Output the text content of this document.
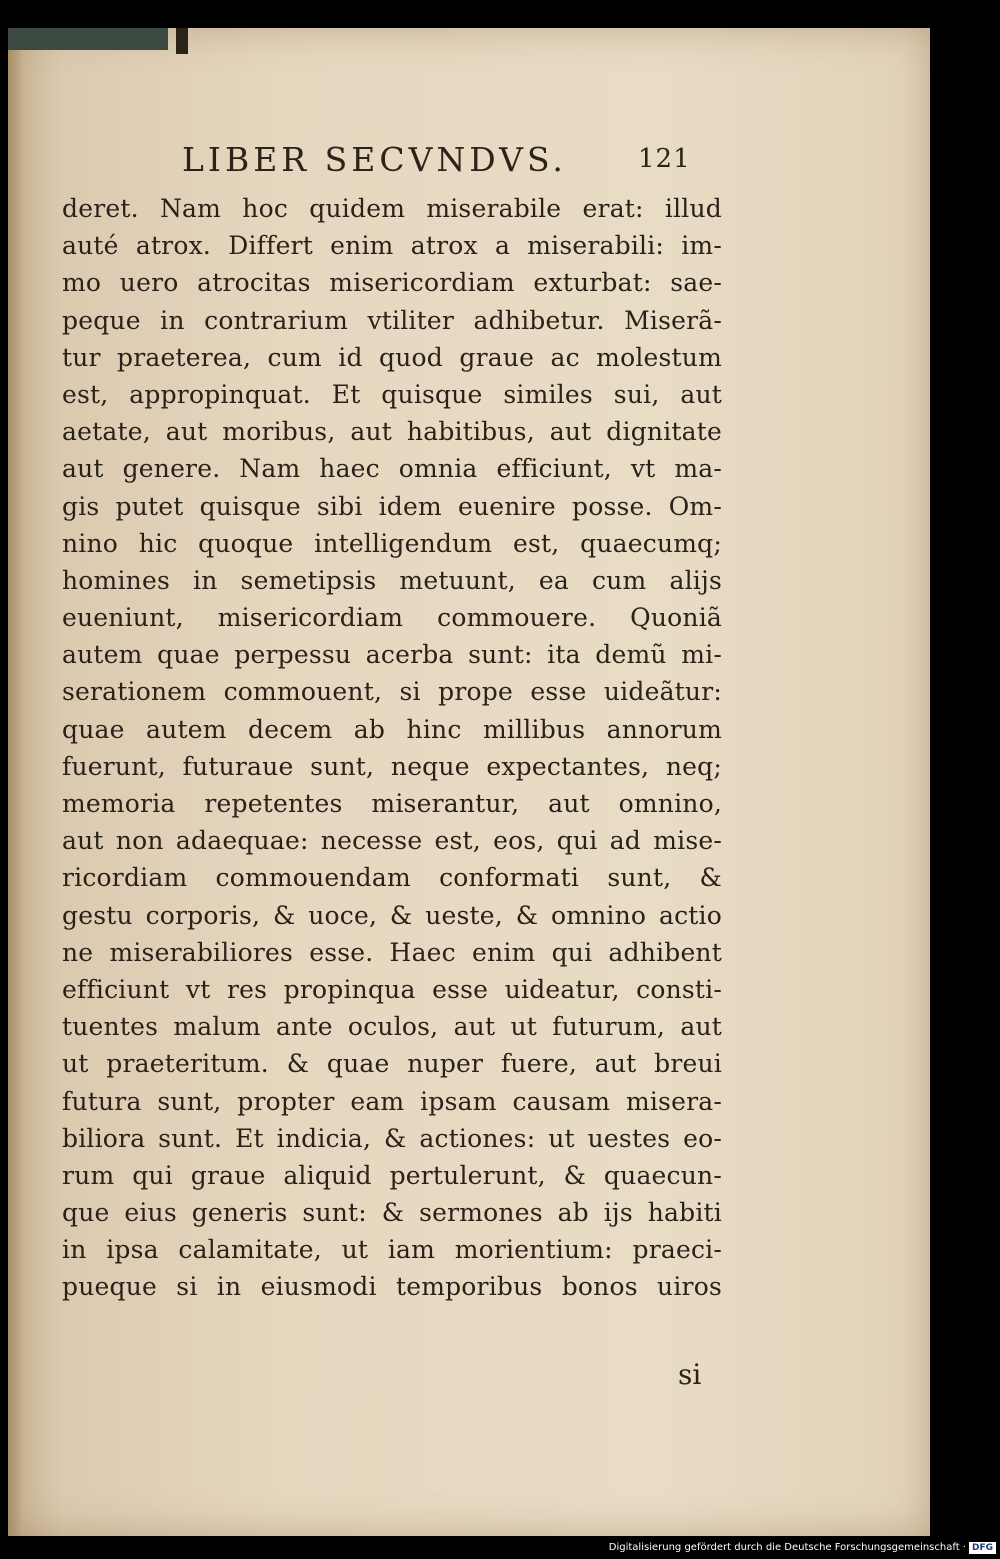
LIBER SECVNDVS.	121
deret. Nam hoc quidem miserabile erat: illud
auté atrox. Differt enim atrox a miserabili: im-
mo uero atrocitas misericordiam exturbat: sae-
peque in contrarium vtiliter adhibetur. Miserã-
tur praeterea, cum id quod graue ac molestum
est, appropinquat. Et quisque similes sui, aut
aetate, aut moribus, aut habitibus, aut dignitate
aut genere. Nam haec omnia efficiunt, vt ma-
gis putet quisque sibi idem euenire posse. Om-
nino hic quoque intelligendum est, quaecumq;
homines in semetipsis metuunt, ea cum alijs
eueniunt, misericordiam commouere. Quoniã
autem quae perpessu acerba sunt: ita demũ mi-
serationem commouent, si prope esse uideãtur:
quae autem decem ab hinc millibus annorum
fuerunt, futuraue sunt, neque expectantes, neq;
memoria repetentes miserantur, aut omnino,
aut non adaequae: necesse est, eos, qui ad mise-
ricordiam commouendam conformati sunt, &
gestu corporis, & uoce, & ueste, & omnino actio
ne miserabiliores esse. Haec enim qui adhibent
efficiunt vt res propinqua esse uideatur, consti-
tuentes malum ante oculos, aut ut futurum, aut
ut praeteritum. & quae nuper fuere, aut breui
futura sunt, propter eam ipsam causam misera-
biliora sunt. Et indicia, & actiones: ut uestes eo-
rum qui graue aliquid pertulerunt, & quaecun-
que eius generis sunt: & sermones ab ijs habiti
in ipsa calamitate, ut iam morientium: praeci-
pueque si in eiusmodi temporibus bonos uiros
si
Digitalisierung gefördert durch die Deutsche Forschungsgemeinschaft · DFG
